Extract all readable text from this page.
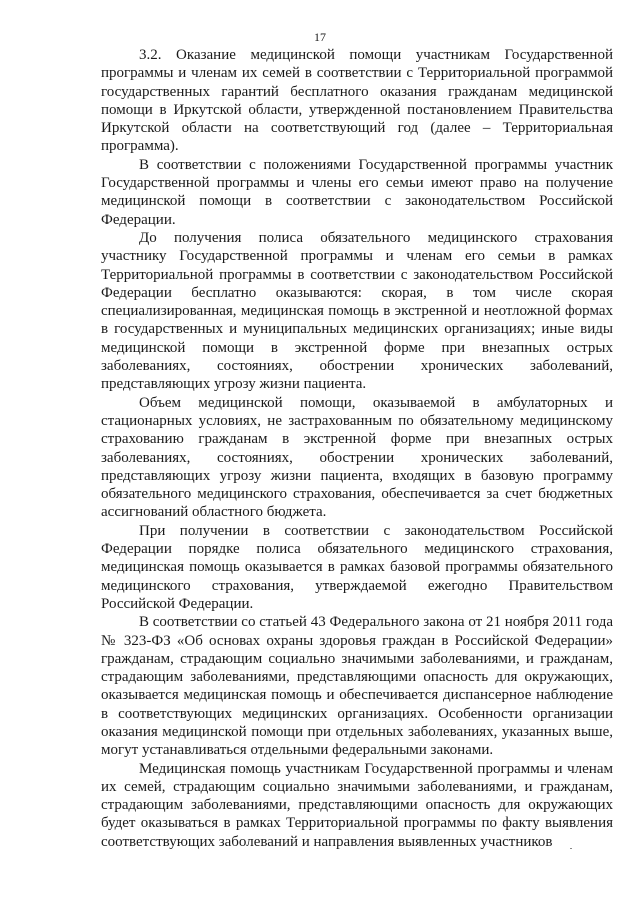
17

3.2. Оказание медицинской помощи участникам Государственной программы и членам их семей в соответствии с Территориальной программой государственных гарантий бесплатного оказания гражданам медицинской помощи в Иркутской области, утвержденной постановлением Правительства Иркутской области на соответствующий год (далее – Территориальная программа).

В соответствии с положениями Государственной программы участник Государственной программы и члены его семьи имеют право на получение медицинской помощи в соответствии с законодательством Российской Федерации.

До получения полиса обязательного медицинского страхования участнику Государственной программы и членам его семьи в рамках Территориальной программы в соответствии с законодательством Российской Федерации бесплатно оказываются: скорая, в том числе скорая специализированная, медицинская помощь в экстренной и неотложной формах в государственных и муниципальных медицинских организациях; иные виды медицинской помощи в экстренной форме при внезапных острых заболеваниях, состояниях, обострении хронических заболеваний, представляющих угрозу жизни пациента.

Объем медицинской помощи, оказываемой в амбулаторных и стационарных условиях, не застрахованным по обязательному медицинскому страхованию гражданам в экстренной форме при внезапных острых заболеваниях, состояниях, обострении хронических заболеваний, представляющих угрозу жизни пациента, входящих в базовую программу обязательного медицинского страхования, обеспечивается за счет бюджетных ассигнований областного бюджета.

При получении в соответствии с законодательством Российской Федерации порядке полиса обязательного медицинского страхования, медицинская помощь оказывается в рамках базовой программы обязательного медицинского страхования, утверждаемой ежегодно Правительством Российской Федерации.

В соответствии со статьей 43 Федерального закона от 21 ноября 2011 года № 323-ФЗ «Об основах охраны здоровья граждан в Российской Федерации» гражданам, страдающим социально значимыми заболеваниями, и гражданам, страдающим заболеваниями, представляющими опасность для окружающих, оказывается медицинская помощь и обеспечивается диспансерное наблюдение в соответствующих медицинских организациях. Особенности организации оказания медицинской помощи при отдельных заболеваниях, указанных выше, могут устанавливаться отдельными федеральными законами.

Медицинская помощь участникам Государственной программы и членам их семей, страдающим социально значимыми заболеваниями, и гражданам, страдающим заболеваниями, представляющими опасность для окружающих будет оказываться в рамках Территориальной программы по факту выявления соответствующих заболеваний и направления выявленных участников
